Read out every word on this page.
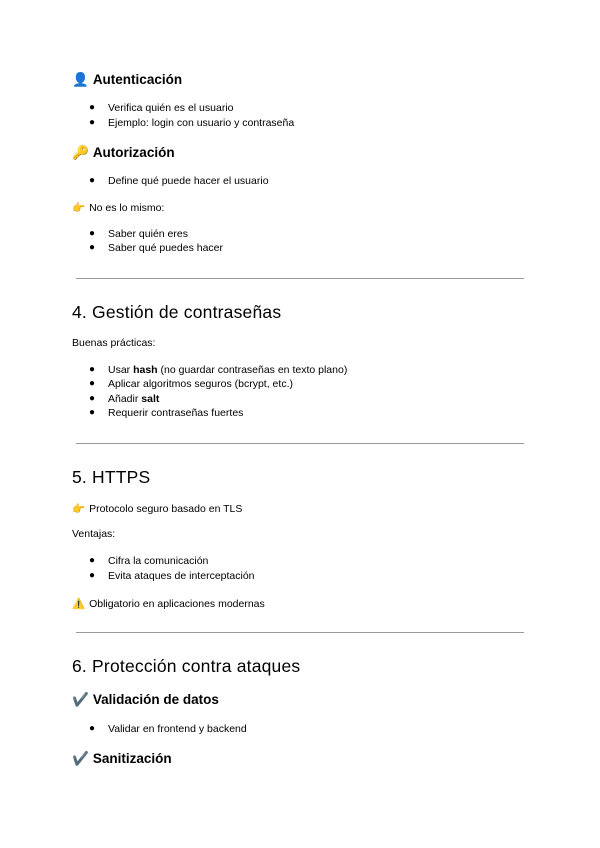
👤 Autenticación
● Verifica quién es el usuario
● Ejemplo: login con usuario y contraseña
🔑 Autorización
● Define qué puede hacer el usuario
👉 No es lo mismo:
● Saber quién eres
● Saber qué puedes hacer
4. Gestión de contraseñas
Buenas prácticas:
● Usar hash (no guardar contraseñas en texto plano)
● Aplicar algoritmos seguros (bcrypt, etc.)
● Añadir salt
● Requerir contraseñas fuertes
5. HTTPS
👉 Protocolo seguro basado en TLS
Ventajas:
● Cifra la comunicación
● Evita ataques de interceptación
⚠️ Obligatorio en aplicaciones modernas
6. Protección contra ataques
✔️ Validación de datos
● Validar en frontend y backend
✔️ Sanitización
